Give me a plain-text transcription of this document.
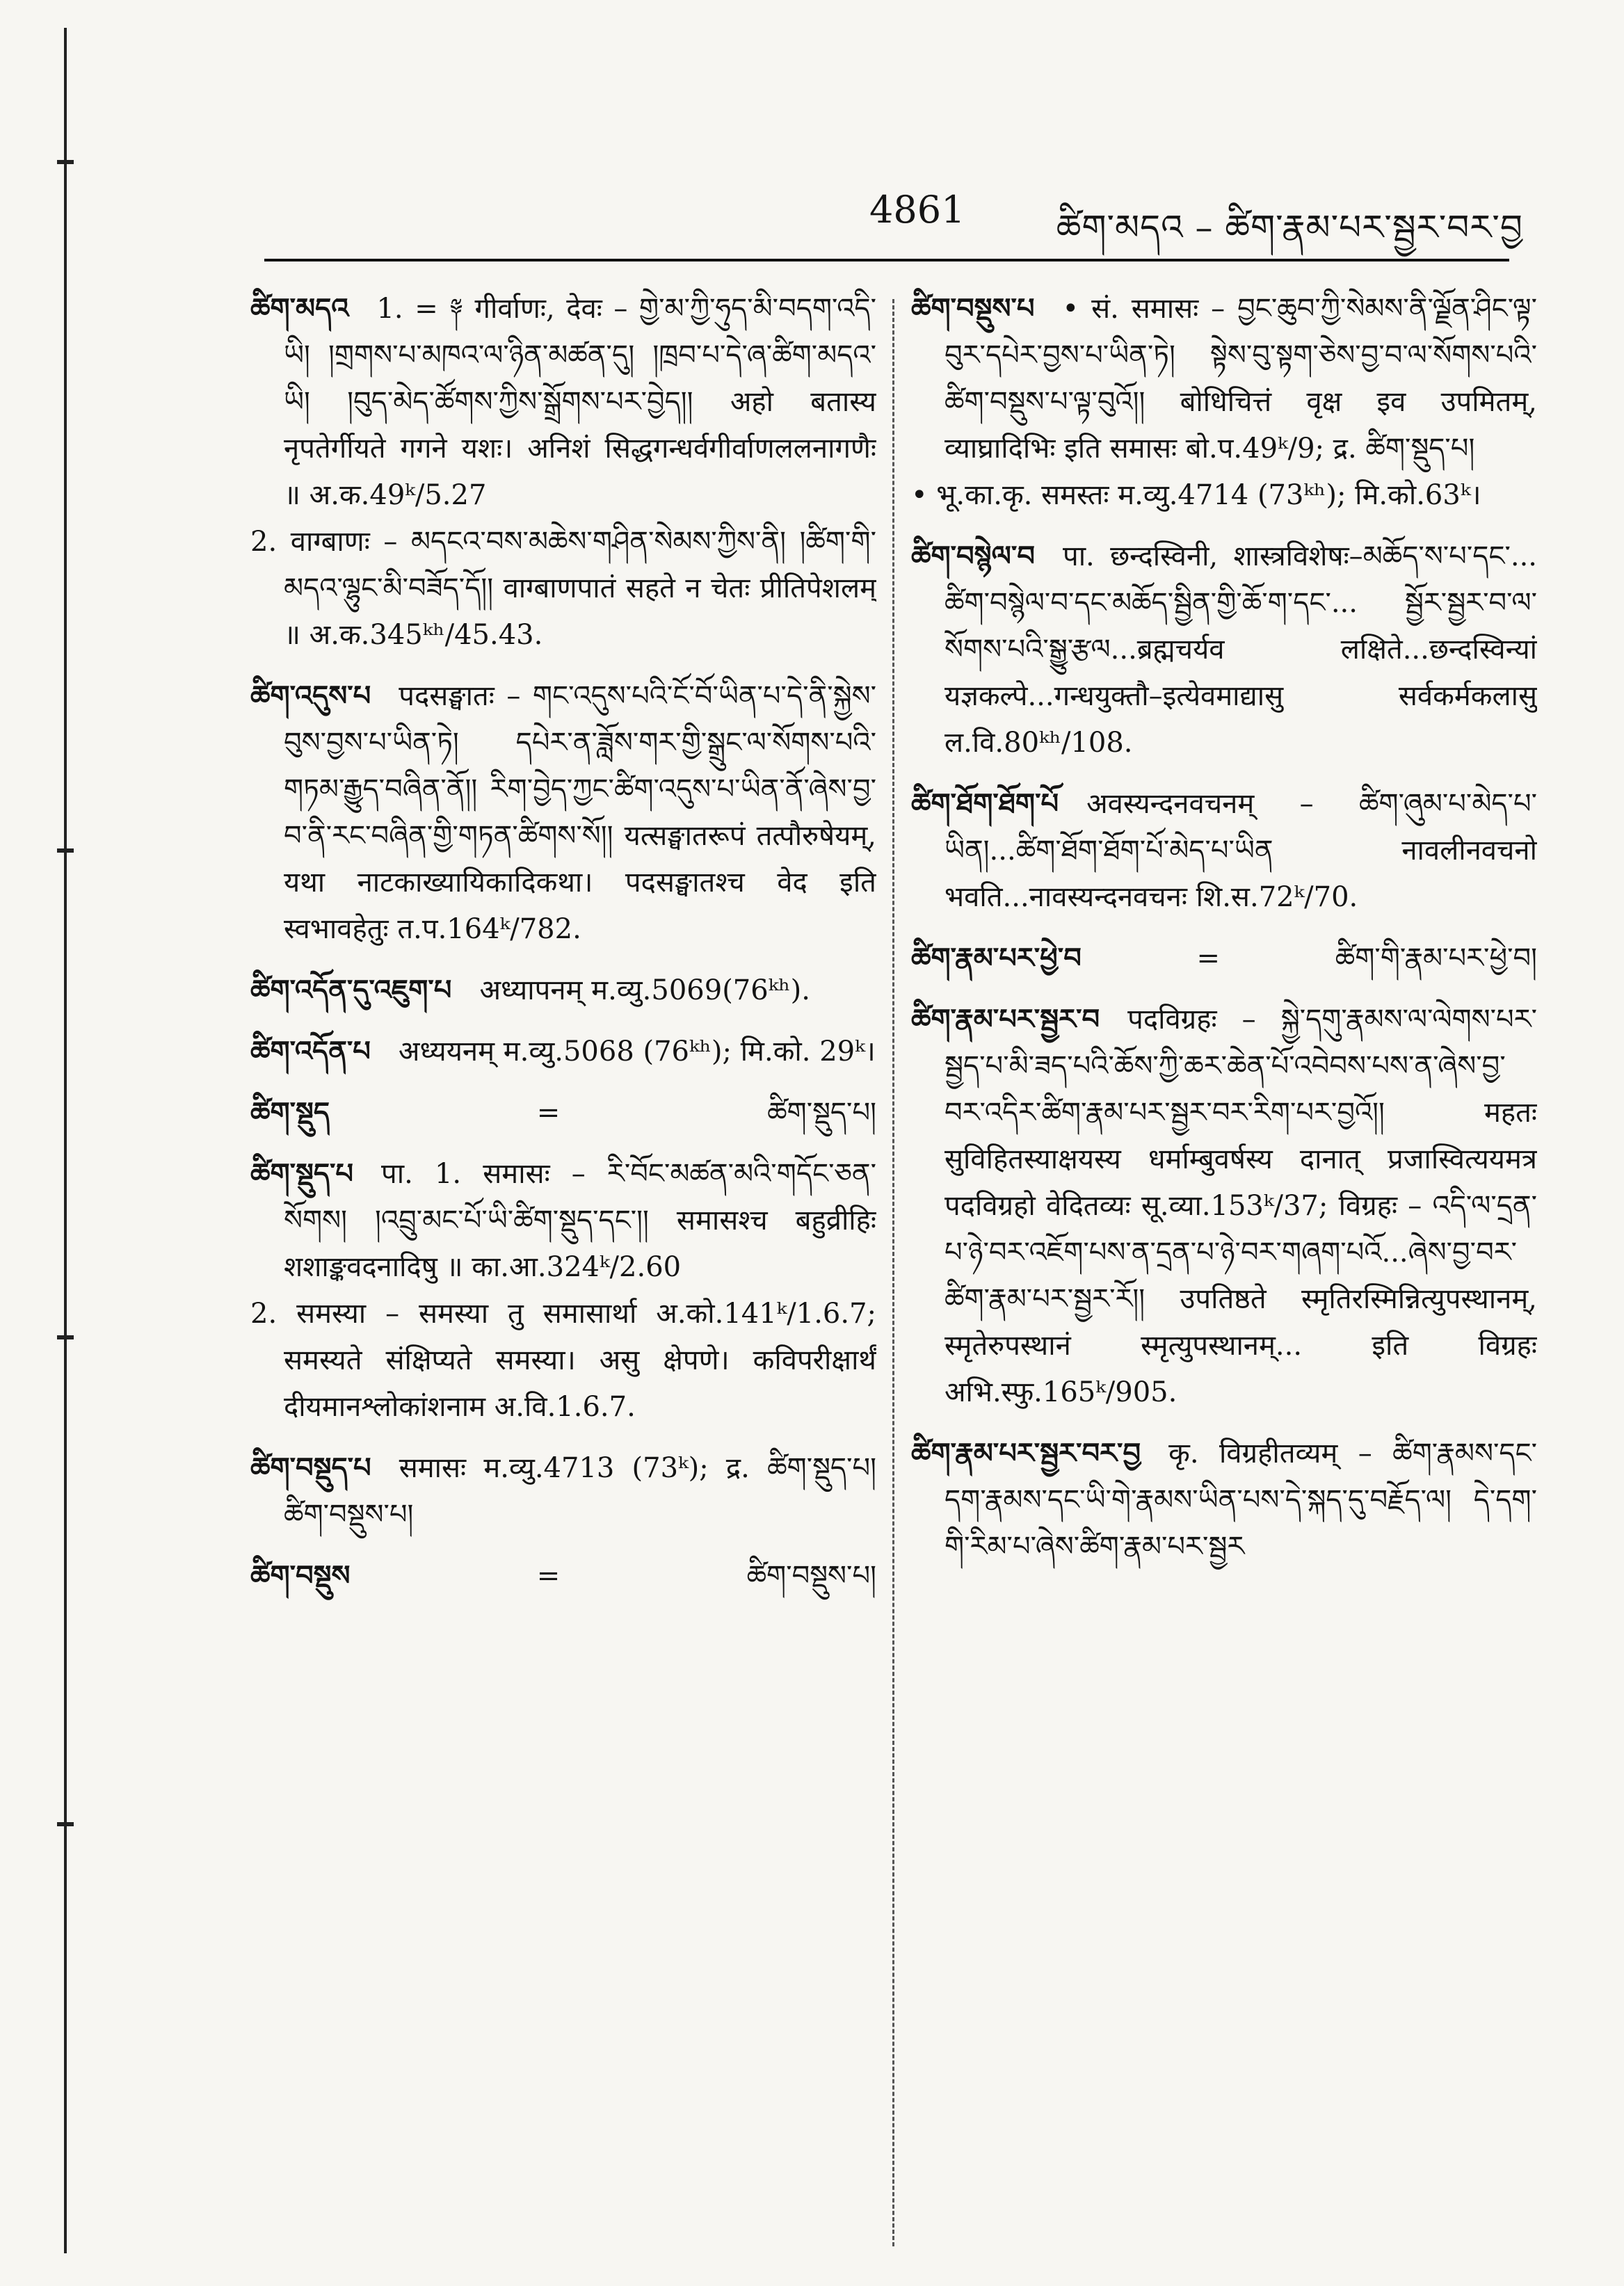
4861	ཚིག་མདའ – ཚིག་རྣམ་པར་སྦྱར་བར་བྱ
ཚིག་མདའ  1. = ༈ गीर्वाणः, देवः – གྱེ་མ་ཀྱི་ཧུད་མི་བདག་འདི་ཡི། །གྲགས་པ་མཁའ་ལ་ཉིན་མཚན་དུ། །ཁྲབ་པ་དེ་ཞ་ཚིག་མདའ་ཡི། །བུད་མེད་ཚོགས་ཀྱིས་སྒྲོགས་པར་བྱེད།། अहो बतास्य नृपतेर्गीयते गगने यशः। अनिशं सिद्धगन्धर्वगीर्वाणललनागणैः ॥ अ.क.49ᵏ/5.27
2. वाग्बाणः – མདངའ་བས་མཆེས་གཤིན་སེམས་ཀྱིས་ནི། །ཚིག་གི་མདའ་ལྷུང་མི་བཟོད་དོ།། वाग्बाणपातं सहते न चेतः प्रीतिपेशलम् ॥ अ.क.345ᵏʰ/45.43.
ཚིག་འདུས་པ  पदसङ्घातः – གང་འདུས་པའི་ངོ་བོ་ཡིན་པ་དེ་ནི་སྐྱེས་བུས་བྱས་པ་ཡིན་ཏེ། དཔེར་ན་ཟློས་གར་གྱི་སྒྲུང་ལ་སོགས་པའི་གཏམ་རྒྱུད་བཞིན་ནོ།། རིག་བྱེད་ཀྱང་ཚིག་འདུས་པ་ཡིན་ནོ་ཞེས་བྱ་བ་ནི་རང་བཞིན་གྱི་གཏན་ཚིགས་སོ།། यत्सङ्घातरूपं तत्पौरुषेयम्, यथा नाटकाख्यायिकादिकथा। पदसङ्घातश्च वेद इति स्वभावहेतुः त.प.164ᵏ/782.
ཚིག་འདོན་དུ་འཇུག་པ  अध्यापनम् म.व्यु.5069(76ᵏʰ).
ཚིག་འདོན་པ  अध्ययनम् म.व्यु.5068 (76ᵏʰ); मि.को. 29ᵏ।
ཚིག་སྡུད	=	ཚིག་སྡུད་པ།
ཚིག་སྡུད་པ  पा. 1. समासः – རི་བོང་མཚན་མའི་གདོང་ཅན་སོགས། །འབྲུ་མང་པོ་ཡི་ཚིག་སྡུད་དང་།། समासश्च बहुव्रीहिः शशाङ्कवदनादिषु ॥ का.आ.324ᵏ/2.60
2. समस्या – समस्या तु समासार्था अ.को.141ᵏ/1.6.7; समस्यते संक्षिप्यते समस्या। असु क्षेपणे। कविपरीक्षार्थं दीयमानश्लोकांशनाम अ.वि.1.6.7.
ཚིག་བསྡུད་པ  समासः म.व्यु.4713 (73ᵏ); द्र. ཚིག་སྡུད་པ། ཚིག་བསྡུས་པ།
ཚིག་བསྡུས	=	ཚིག་བསྡུས་པ།
ཚིག་བསྡུས་པ  • सं. समासः – བྱང་ཆུབ་ཀྱི་སེམས་ནི་ལྗོན་ཤིང་ལྟ་བུར་དཔེར་བྱས་པ་ཡིན་ཏེ། སྟེས་བུ་སྟག་ཅེས་བྱ་བ་ལ་སོགས་པའི་ཚིག་བསྡུས་པ་ལྟ་བུའོ།། बोधिचित्तं वृक्ष इव उपमितम्, व्याघ्रादिभिः इति समासः बो.प.49ᵏ/9; द्र. ཚིག་སྡུད་པ།
• भू.का.कृ. समस्तः म.व्यु.4714 (73ᵏʰ); मि.को.63ᵏ।
ཚིག་བསྙེལ་བ  पा. छन्दस्विनी, शास्त्रविशेषः–མཆོད་ས་པ་དང་... ཚིག་བསྙེལ་བ་དང་མཆོད་སྦྱིན་གྱི་ཆོ་ག་དང་... སྦྱོར་སྦྱར་བ་ལ་སོགས་པའི་སྒྱུ་རྩལ...ब्रह्मचर्यव लक्षिते...छन्दस्विन्यां यज्ञकल्पे...गन्धयुक्तौ–इत्येवमाद्यासु सर्वकर्मकलासु ल.वि.80ᵏʰ/108.
ཚིག་ཐོག་ཐོག་པོ  अवस्यन्दनवचनम् – ཚིག་ཞུམ་པ་མེད་པ་ཡིན།...ཚིག་ཐོག་ཐོག་པོ་མེད་པ་ཡིན नावलीनवचनो भवति...नावस्यन्दनवचनः शि.स.72ᵏ/70.
ཚིག་རྣམ་པར་ཕྱེ་བ	=	ཚིག་གི་རྣམ་པར་ཕྱེ་བ།
ཚིག་རྣམ་པར་སྦྱར་བ  पदविग्रहः – སྐྱེ་དགུ་རྣམས་ལ་ལེགས་པར་སྦྱད་པ་མི་ཟད་པའི་ཆོས་ཀྱི་ཆར་ཆེན་པོ་འབེབས་པས་ན་ཞེས་བྱ་བར་འདིར་ཚིག་རྣམ་པར་སྦྱར་བར་རིག་པར་བྱའོ།། महतः सुविहितस्याक्षयस्य धर्माम्बुवर्षस्य दानात् प्रजास्वित्ययमत्र पदविग्रहो वेदितव्यः सू.व्या.153ᵏ/37; विग्रहः – འདི་ལ་དྲན་པ་ཉེ་བར་འཇོག་པས་ན་དྲན་པ་ཉེ་བར་གཞག་པའོ...ཞེས་བྱ་བར་ཚིག་རྣམ་པར་སྦྱར་རོ།། उपतिष्ठते स्मृतिरस्मिन्नित्युपस्थानम्, स्मृतेरुपस्थानं स्मृत्युपस्थानम्... इति विग्रहः अभि.स्फु.165ᵏ/905.
ཚིག་རྣམ་པར་སྦྱར་བར་བྱ  कृ. विग्रहीतव्यम् – ཚིག་རྣམས་དང་དག་རྣམས་དང་ཡི་གེ་རྣམས་ཡིན་པས་དེ་སྐད་དུ་བརྗོད་ལ། དེ་དག་གི་རིམ་པ་ཞེས་ཚིག་རྣམ་པར་སྦྱར
